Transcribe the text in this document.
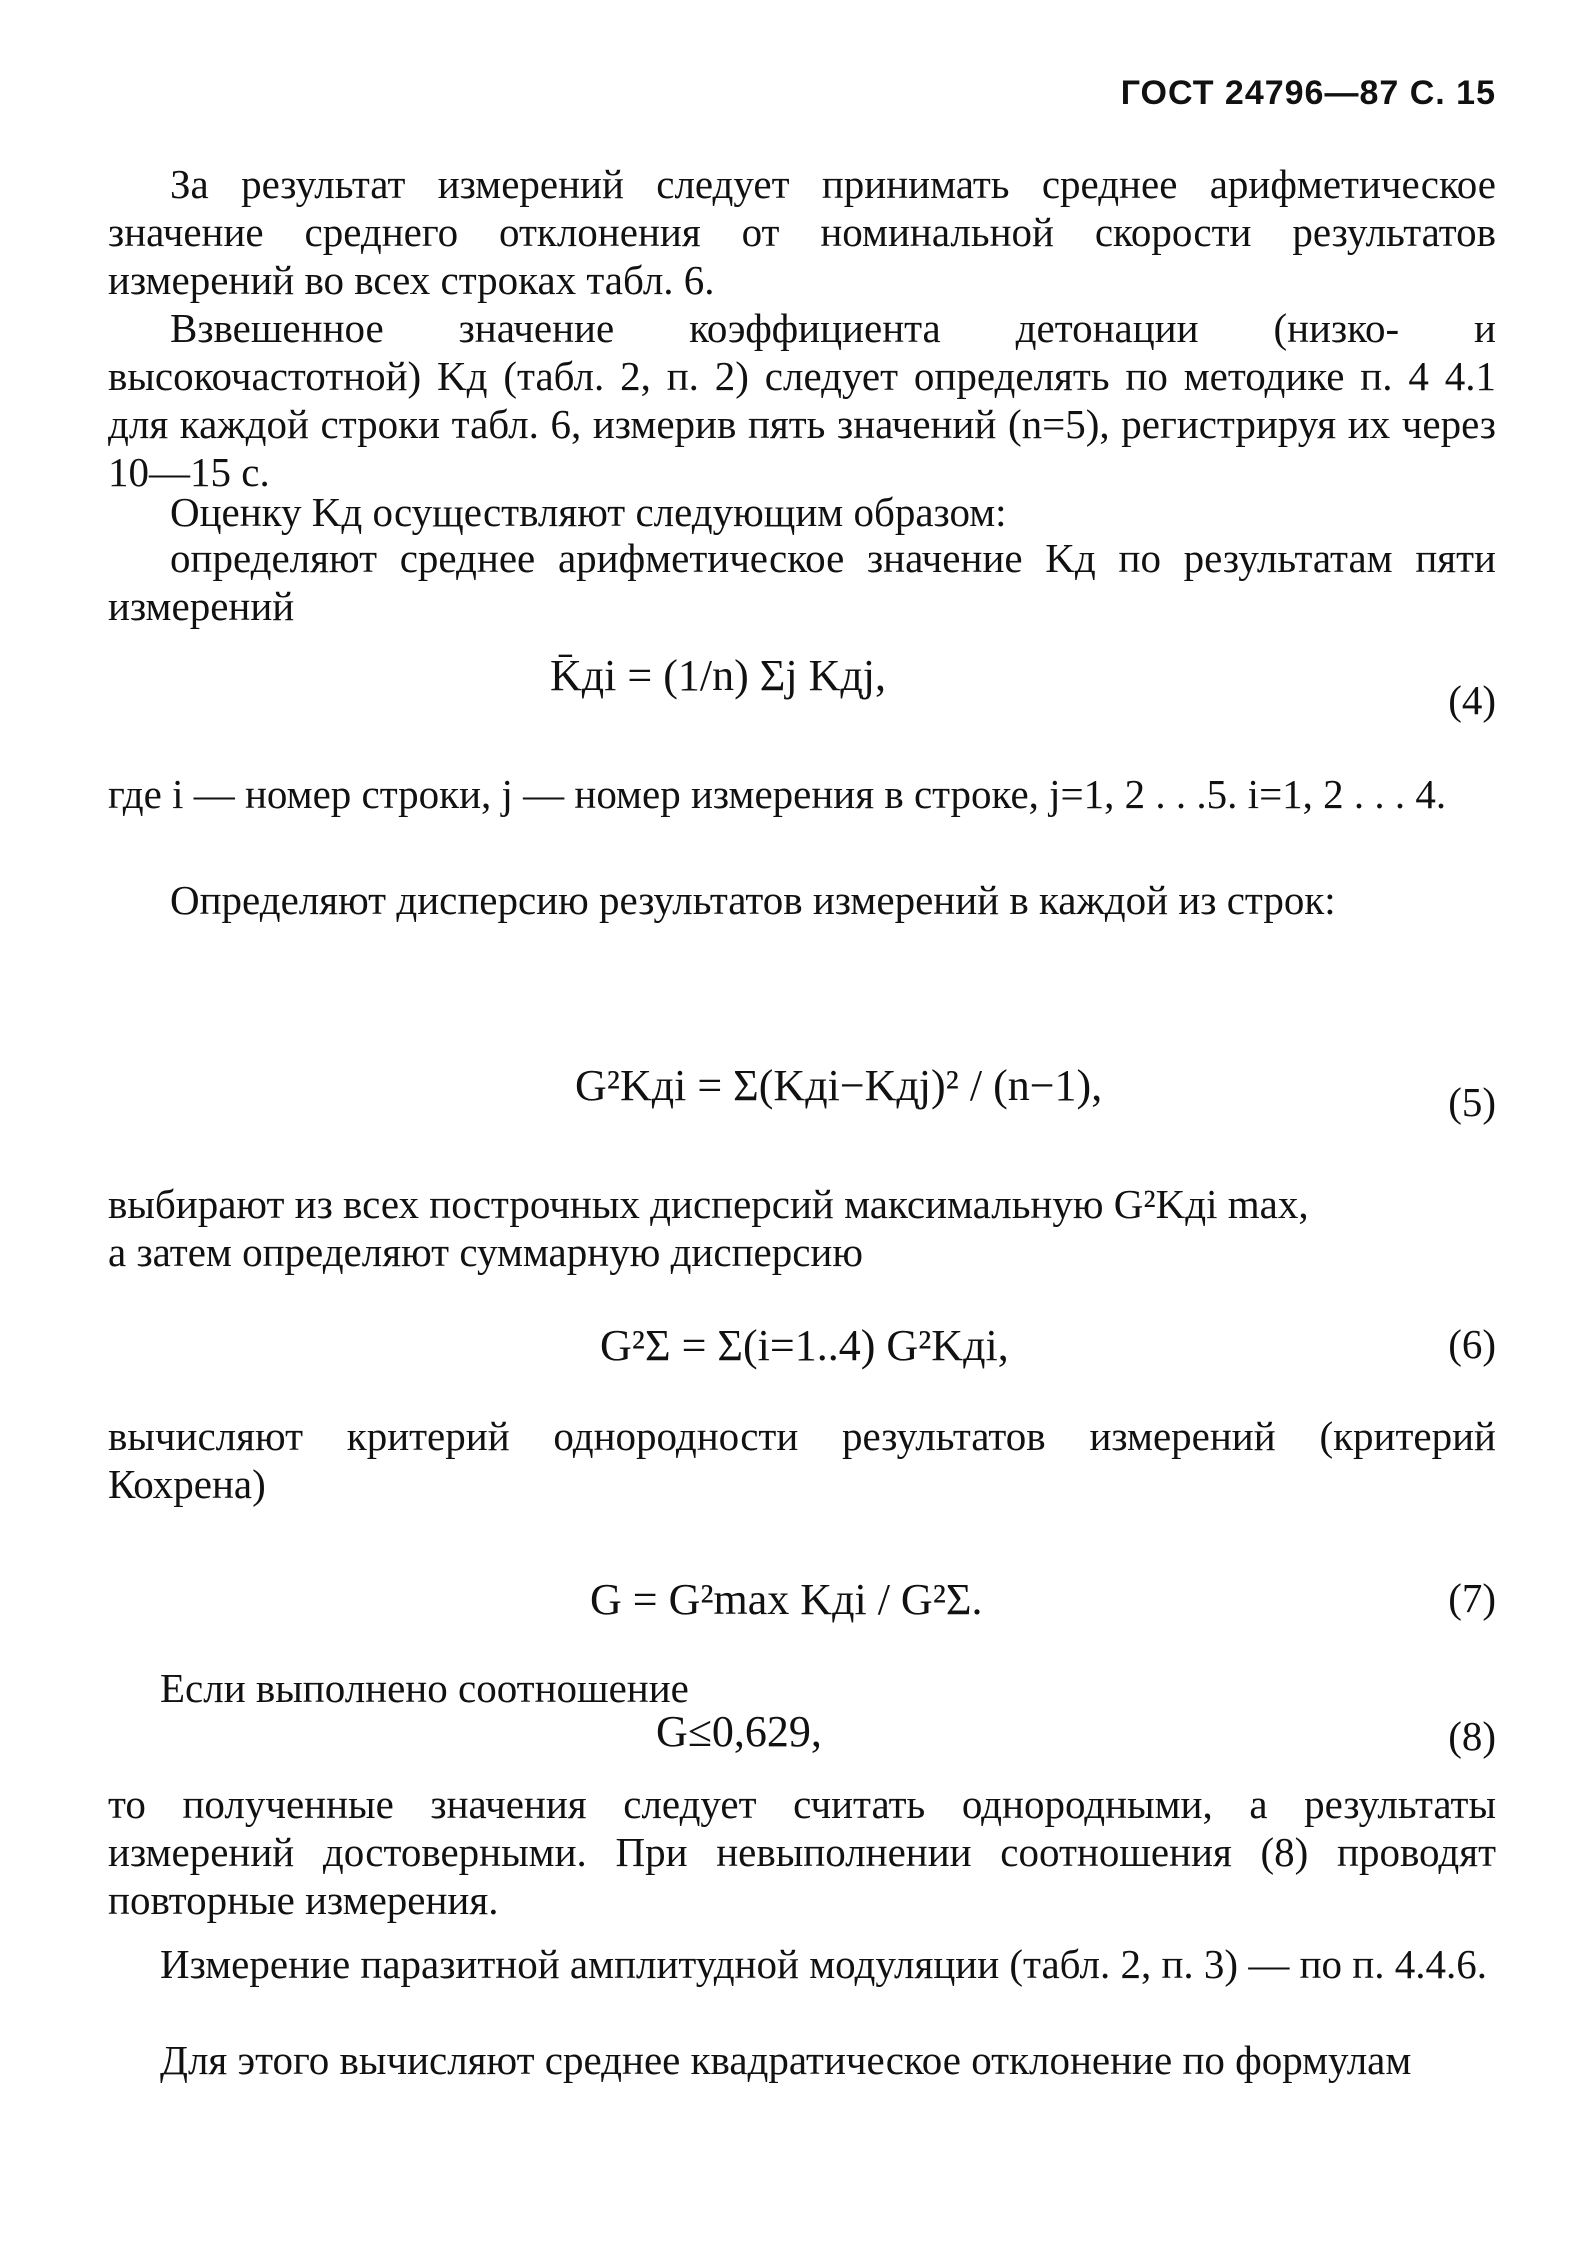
ГОСТ 24796—87 С. 15

За результат измерений следует принимать среднее арифметическое значение среднего отклонения от номинальной скорости результатов измерений во всех строках табл. 6.

Взвешенное значение коэффициента детонации (низко- и высокочастотной) Kд (табл. 2, п. 2) следует определять по методике п. 4 4.1 для каждой строки табл. 6, измерив пять значений (n=5), регистрируя их через 10—15 с.

Оценку Kд осуществляют следующим образом:

определяют среднее арифметическое значение Kд по результатам пяти измерений

K̄дi = (1/n) Σj Kдj,	(4)

где i — номер строки, j — номер измерения в строке, j=1, 2 . . .5. i=1, 2 . . . 4.

Определяют дисперсию результатов измерений в каждой из строк:

G²Kдi = Σ(Kдi−Kдj)² / (n−1),	(5)

выбирают из всех построчных дисперсий максимальную G²Kдi max,

а затем определяют суммарную дисперсию

G²Σ = Σ(i=1..4) G²Kдi,	(6)

вычисляют критерий однородности результатов измерений (критерий Кохрена)

G = G²max Kдi / G²Σ.	(7)

Если выполнено соотношение

G≤0,629,	(8)

то полученные значения следует считать однородными, а результаты измерений достоверными. При невыполнении соотношения (8) проводят повторные измерения.

Измерение паразитной амплитудной модуляции (табл. 2, п. 3) — по п. 4.4.6.

Для этого вычисляют среднее квадратическое отклонение по формулам
